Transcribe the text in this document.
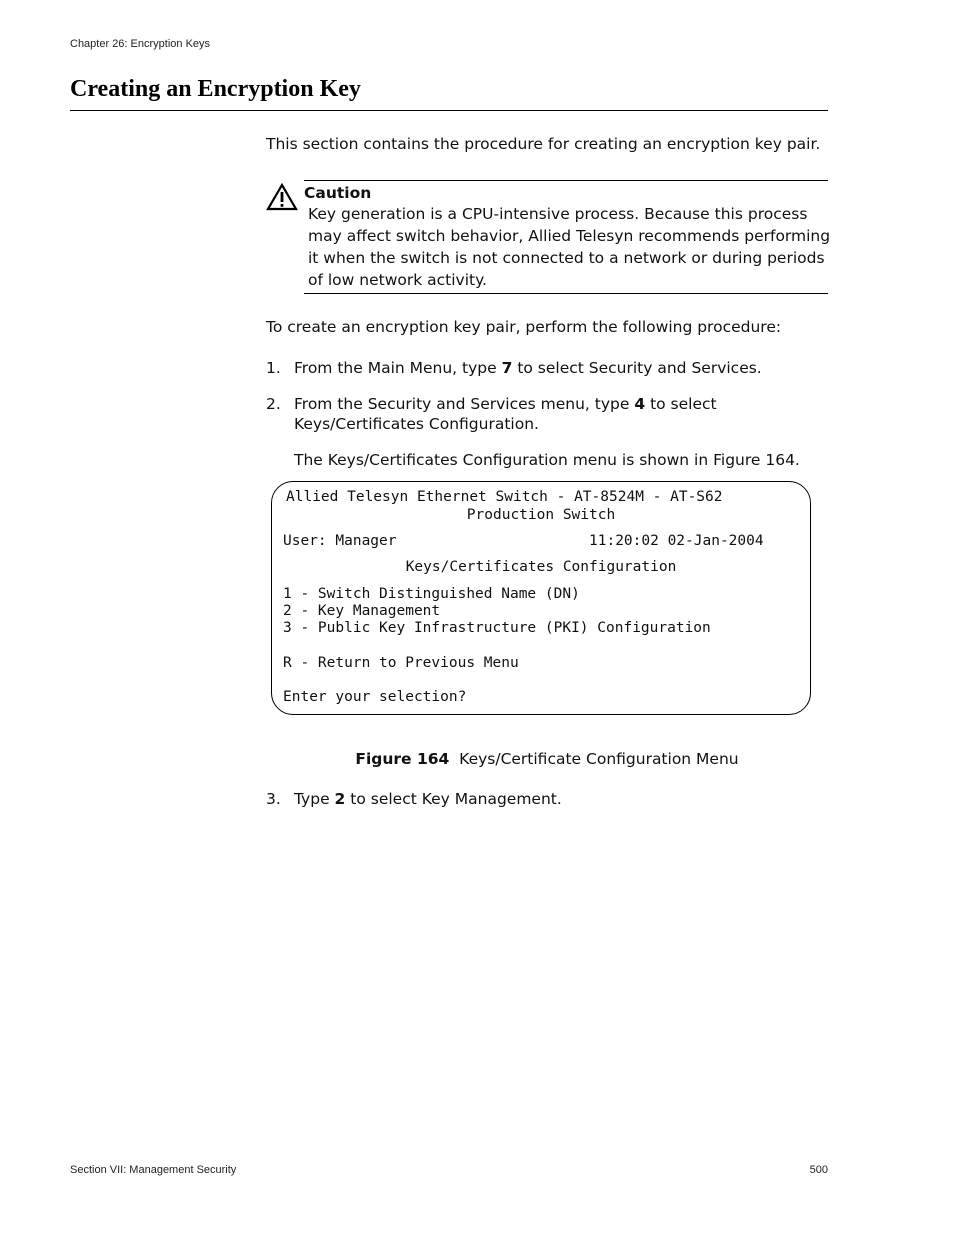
Chapter 26: Encryption Keys
Creating an Encryption Key
This section contains the procedure for creating an encryption key pair.
Caution
Key generation is a CPU-intensive process. Because this process
may affect switch behavior, Allied Telesyn recommends performing
it when the switch is not connected to a network or during periods
of low network activity.
To create an encryption key pair, perform the following procedure:
1. From the Main Menu, type 7 to select Security and Services.
2. From the Security and Services menu, type 4 to select
Keys/Certificates Configuration.
The Keys/Certificates Configuration menu is shown in Figure 164.
Allied Telesyn Ethernet Switch - AT-8524M - AT-S62
Production Switch
User: Manager	11:20:02 02-Jan-2004
Keys/Certificates Configuration
1 - Switch Distinguished Name (DN)
2 - Key Management
3 - Public Key Infrastructure (PKI) Configuration
R - Return to Previous Menu
Enter your selection?
Figure 164 Keys/Certificate Configuration Menu
3. Type 2 to select Key Management.
Section VII: Management Security	500
